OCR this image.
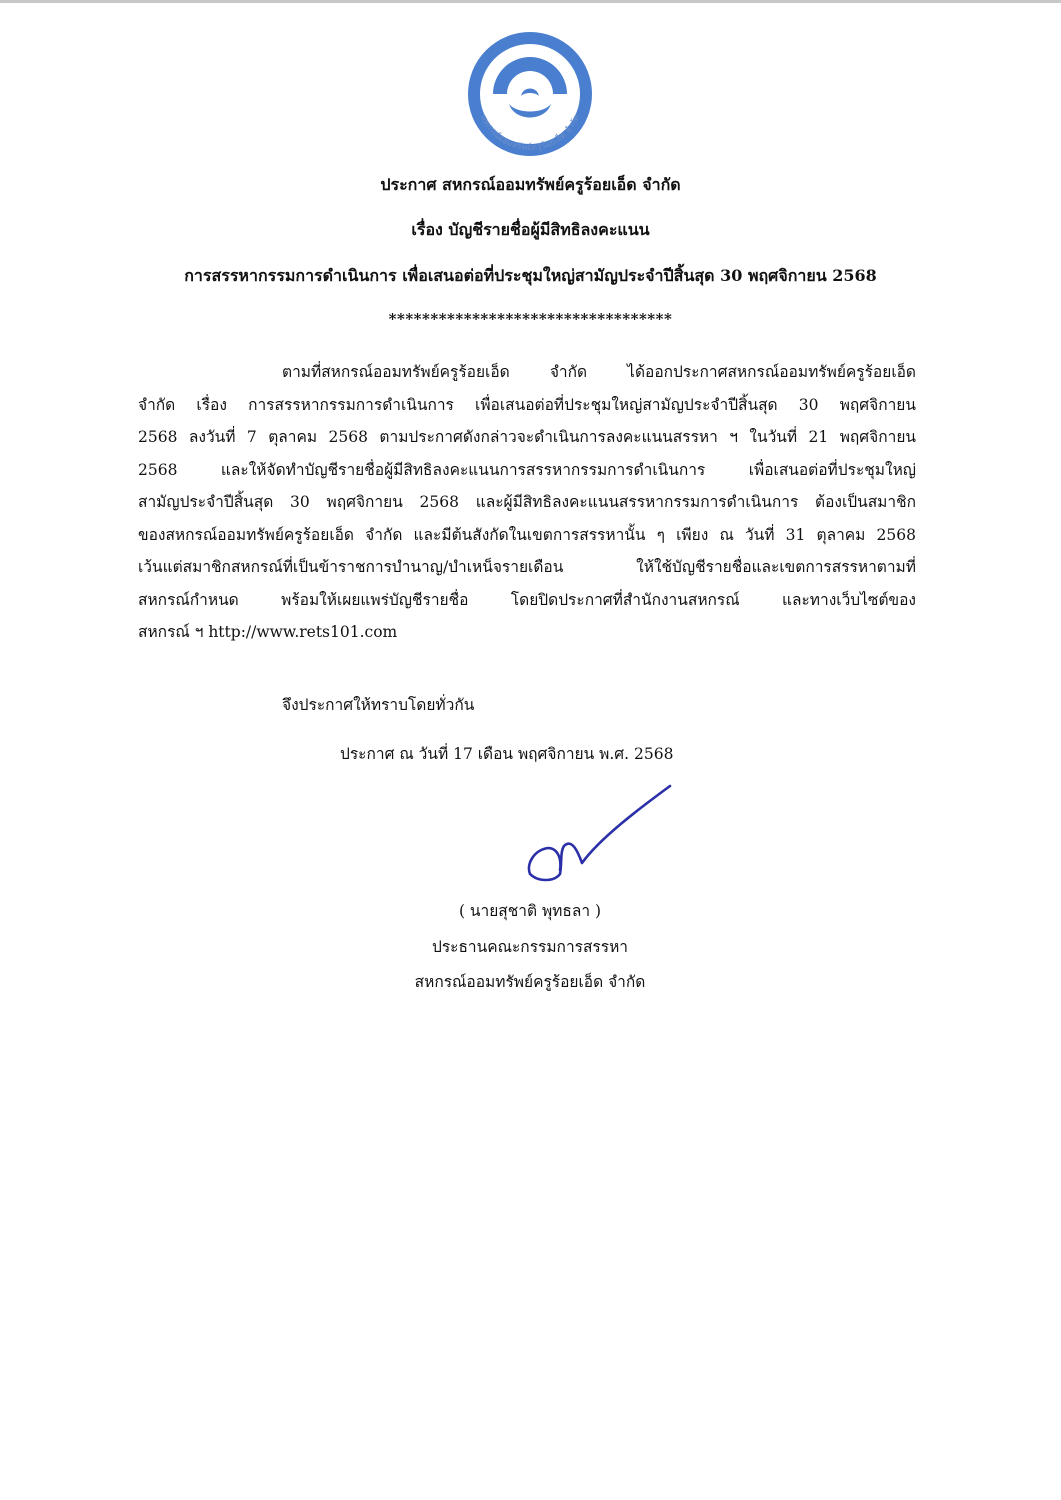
สหกรณ์ออมทรัพย์ครูร้อยเอ็ด จำกัด
ประกาศ สหกรณ์ออมทรัพย์ครูร้อยเอ็ด จำกัด
เรื่อง บัญชีรายชื่อผู้มีสิทธิลงคะแนน
การสรรหากรรมการดำเนินการ เพื่อเสนอต่อที่ประชุมใหญ่สามัญประจำปีสิ้นสุด 30 พฤศจิกายน 2568
**********************************
ตามที่สหกรณ์ออมทรัพย์ครูร้อยเอ็ด จำกัด ได้ออกประกาศสหกรณ์ออมทรัพย์ครูร้อยเอ็ด
จำกัด เรื่อง การสรรหากรรมการดำเนินการ เพื่อเสนอต่อที่ประชุมใหญ่สามัญประจำปีสิ้นสุด 30 พฤศจิกายน
2568 ลงวันที่ 7 ตุลาคม 2568 ตามประกาศดังกล่าวจะดำเนินการลงคะแนนสรรหา ฯ ในวันที่ 21 พฤศจิกายน
2568 และให้จัดทำบัญชีรายชื่อผู้มีสิทธิลงคะแนนการสรรหากรรมการดำเนินการ เพื่อเสนอต่อที่ประชุมใหญ่
สามัญประจำปีสิ้นสุด 30 พฤศจิกายน 2568 และผู้มีสิทธิลงคะแนนสรรหากรรมการดำเนินการ ต้องเป็นสมาชิก
ของสหกรณ์ออมทรัพย์ครูร้อยเอ็ด จำกัด และมีต้นสังกัดในเขตการสรรหานั้น ๆ เพียง ณ วันที่ 31 ตุลาคม 2568
เว้นแต่สมาชิกสหกรณ์ที่เป็นข้าราชการบำนาญ/บำเหน็จรายเดือน ให้ใช้บัญชีรายชื่อและเขตการสรรหาตามที่
สหกรณ์กำหนด พร้อมให้เผยแพร่บัญชีรายชื่อ โดยปิดประกาศที่สำนักงานสหกรณ์ และทางเว็บไซต์ของ
สหกรณ์ ฯ http://www.rets101.com
จึงประกาศให้ทราบโดยทั่วกัน
ประกาศ ณ วันที่ 17 เดือน พฤศจิกายน พ.ศ. 2568
( นายสุชาติ พุทธลา )
ประธานคณะกรรมการสรรหา
สหกรณ์ออมทรัพย์ครูร้อยเอ็ด จำกัด
